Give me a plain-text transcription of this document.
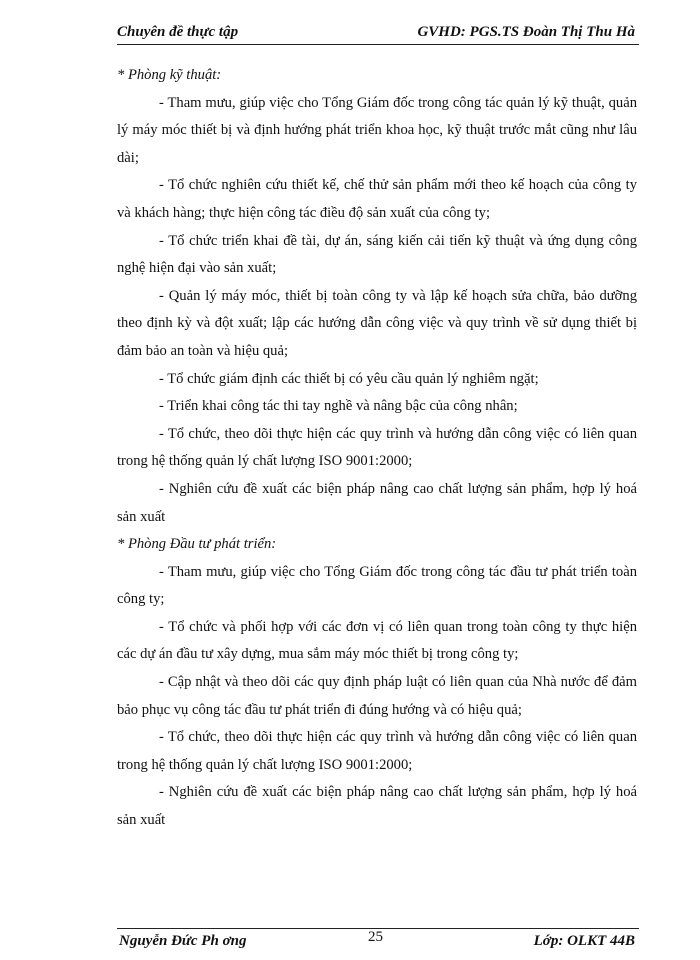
Chuyên đề thực tập	GVHD: PGS.TS Đoàn Thị Thu Hà

* Phòng kỹ thuật:

- Tham mưu, giúp việc cho Tổng Giám đốc trong công tác quản lý kỹ thuật, quản lý máy móc thiết bị và định hướng phát triển khoa học, kỹ thuật trước mắt cũng như lâu dài;

- Tổ chức nghiên cứu thiết kế, chế thử sản phẩm mới theo kế hoạch của công ty và khách hàng; thực hiện công tác điều độ sản xuất của công ty;

- Tổ chức triển khai đề tài, dự án, sáng kiến cải tiến kỹ thuật và ứng dụng công nghệ hiện đại vào sản xuất;

- Quản lý máy móc, thiết bị toàn công ty và lập kế hoạch sửa chữa, bảo dưỡng theo định kỳ và đột xuất; lập các hướng dẫn công việc và quy trình về sử dụng thiết bị đảm bảo an toàn và hiệu quả;

- Tổ chức giám định các thiết bị có yêu cầu quản lý nghiêm ngặt;

- Triển khai công tác thi tay nghề và nâng bậc của công nhân;

- Tổ chức, theo dõi thực hiện các quy trình và hướng dẫn công việc có liên quan trong hệ thống quản lý chất lượng ISO 9001:2000;

- Nghiên cứu đề xuất các biện pháp nâng cao chất lượng sản phẩm, hợp lý hoá sản xuất

* Phòng Đầu tư phát triển:

- Tham mưu, giúp việc cho Tổng Giám đốc trong công tác đầu tư phát triển toàn công ty;

- Tổ chức và phối hợp với các đơn vị có liên quan trong toàn công ty thực hiện các dự án đầu tư xây dựng, mua sắm máy móc thiết bị trong công ty;

- Cập nhật và theo dõi các quy định pháp luật có liên quan của Nhà nước để đảm bảo phục vụ công tác đầu tư phát triển đi đúng hướng và có hiệu quả;

- Tổ chức, theo dõi thực hiện các quy trình và hướng dẫn công việc có liên quan trong hệ thống quản lý chất lượng ISO 9001:2000;

- Nghiên cứu đề xuất các biện pháp nâng cao chất lượng sản phẩm, hợp lý hoá sản xuất

Nguyễn Đức Ph ơng	25	Lớp: OLKT 44B
